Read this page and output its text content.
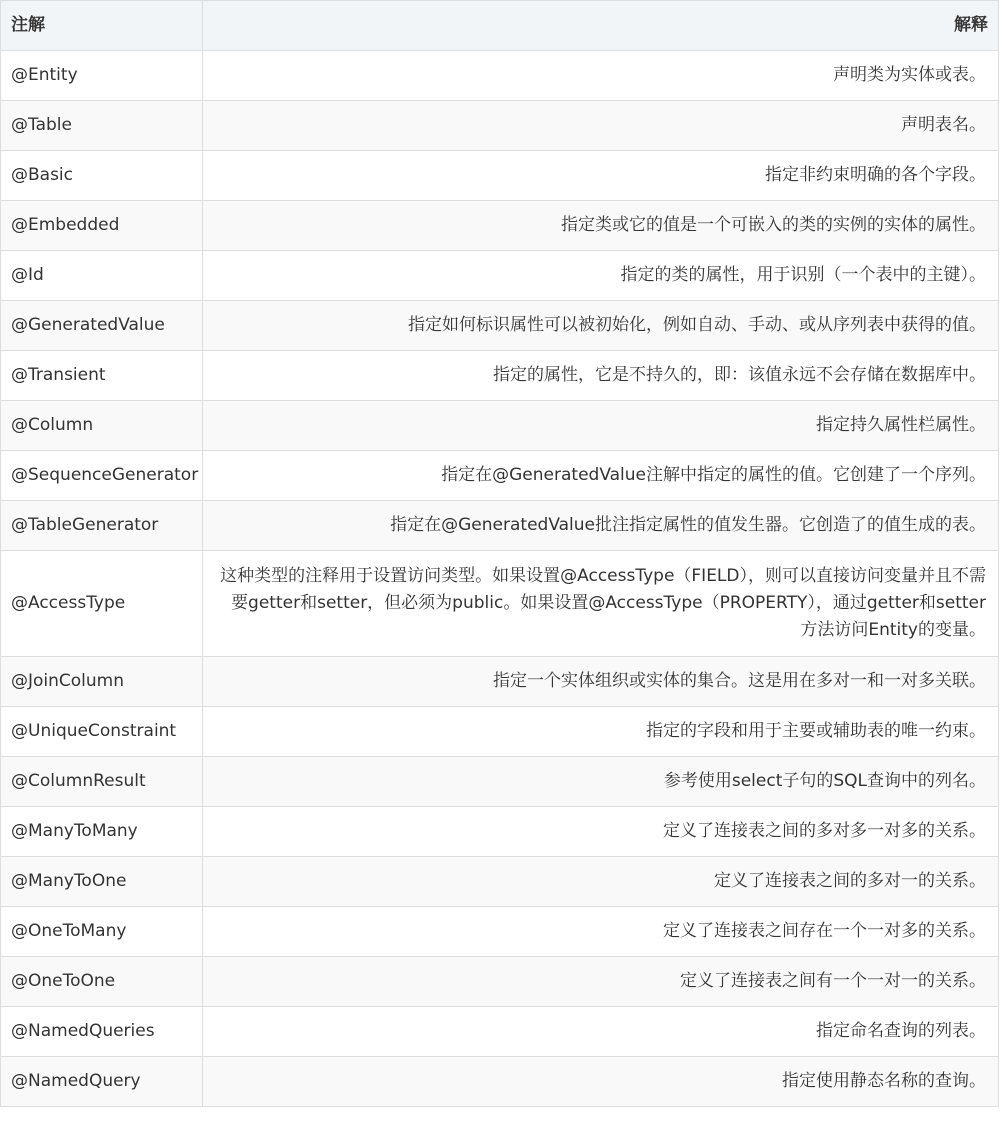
注解	解释
@Entity	声明类为实体或表。
@Table	声明表名。
@Basic	指定非约束明确的各个字段。
@Embedded	指定类或它的值是一个可嵌入的类的实例的实体的属性。
@Id	指定的类的属性，用于识别（一个表中的主键）。
@GeneratedValue	指定如何标识属性可以被初始化，例如自动、手动、或从序列表中获得的值。
@Transient	指定的属性，它是不持久的，即：该值永远不会存储在数据库中。
@Column	指定持久属性栏属性。
@SequenceGenerator	指定在@GeneratedValue注解中指定的属性的值。它创建了一个序列。
@TableGenerator	指定在@GeneratedValue批注指定属性的值发生器。它创造了的值生成的表。
@AccessType	这种类型的注释用于设置访问类型。如果设置@AccessType（FIELD），则可以直接访问变量并且不需要getter和setter，但必须为public。如果设置@AccessType（PROPERTY），通过getter和setter方法访问Entity的变量。
@JoinColumn	指定一个实体组织或实体的集合。这是用在多对一和一对多关联。
@UniqueConstraint	指定的字段和用于主要或辅助表的唯一约束。
@ColumnResult	参考使用select子句的SQL查询中的列名。
@ManyToMany	定义了连接表之间的多对多一对多的关系。
@ManyToOne	定义了连接表之间的多对一的关系。
@OneToMany	定义了连接表之间存在一个一对多的关系。
@OneToOne	定义了连接表之间有一个一对一的关系。
@NamedQueries	指定命名查询的列表。
@NamedQuery	指定使用静态名称的查询。
